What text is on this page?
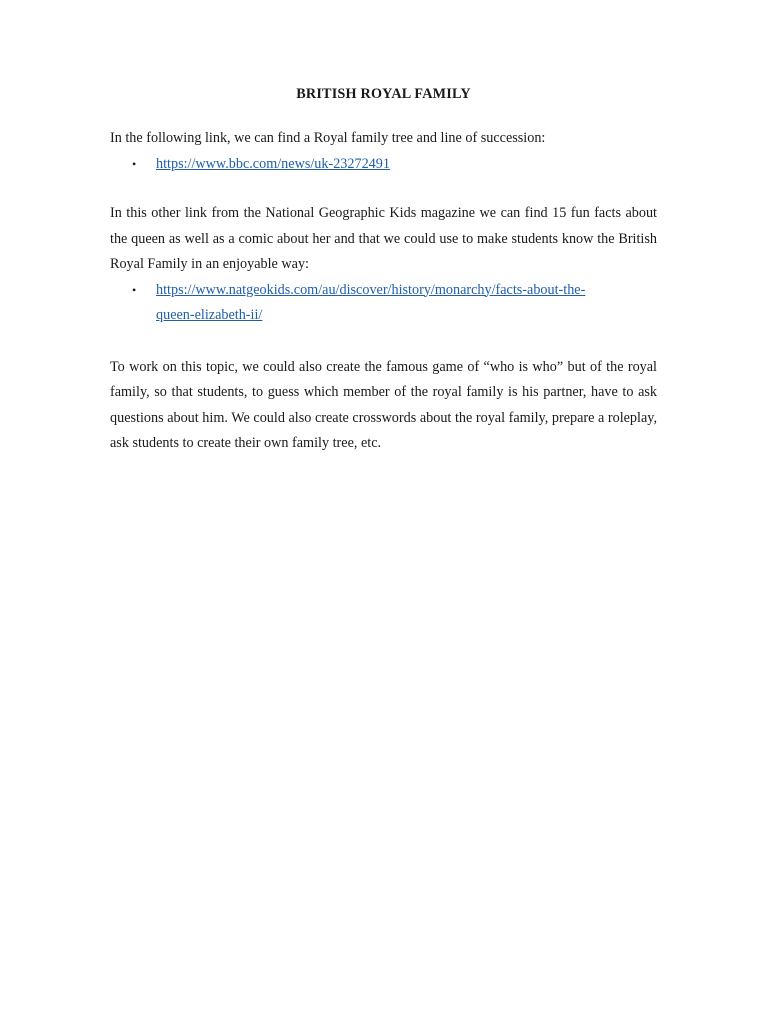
BRITISH ROYAL FAMILY

In the following link, we can find a Royal family tree and line of succession:

• https://www.bbc.com/news/uk-23272491

In this other link from the National Geographic Kids magazine we can find 15 fun facts about the queen as well as a comic about her and that we could use to make students know the British Royal Family in an enjoyable way:

• https://www.natgeokids.com/au/discover/history/monarchy/facts-about-the-
queen-elizabeth-ii/

To work on this topic, we could also create the famous game of “who is who” but of the royal family, so that students, to guess which member of the royal family is his partner, have to ask questions about him. We could also create crosswords about the royal family, prepare a roleplay, ask students to create their own family tree, etc.
